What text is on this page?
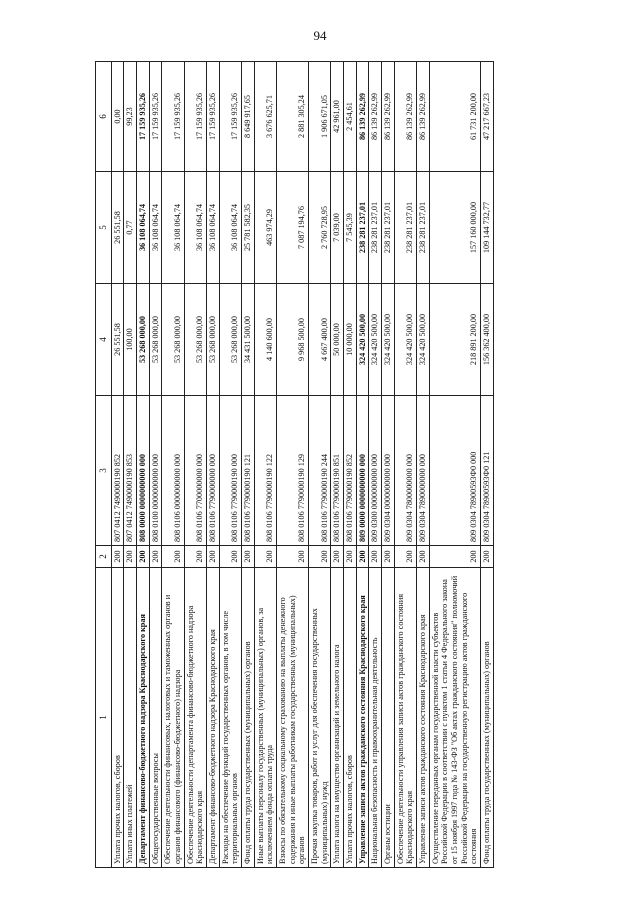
94
1	2	3	4	5	6
Уплата прочих налогов, сборов	200	807 0412 7490000190 852	26 551,58	26 551,58	0,00
Уплата иных платежей	200	807 0412 7490000190 853	100,00	0,77	99,23
Департамент финансово-бюджетного надзора Краснодарского края	200	808 0000 0000000000 000	53 268 000,00	36 108 064,74	17 159 935,26
Общегосударственные вопросы	200	808 0100 0000000000 000	53 268 000,00	36 108 064,74	17 159 935,26
Обеспечение деятельности финансовых, налоговых и таможенных органов и органов финансового (финансово-бюджетного) надзора	200	808 0106 0000000000 000	53 268 000,00	36 108 064,74	17 159 935,26
Обеспечение деятельности департамента финансово-бюджетного надзора Краснодарского края	200	808 0106 7700000000 000	53 268 000,00	36 108 064,74	17 159 935,26
Департамент финансово-бюджетного надзора Краснодарского края	200	808 0106 7790000000 000	53 268 000,00	36 108 064,74	17 159 935,26
Расходы на обеспечение функций государственных органов, в том числе территориальных органов	200	808 0106 7790000190 000	53 268 000,00	36 108 064,74	17 159 935,26
Фонд оплаты труда государственных (муниципальных) органов	200	808 0106 7790000190 121	34 431 500,00	25 781 582,35	8 649 917,65
Иные выплаты персоналу государственных (муниципальных) органов, за исключением фонда оплаты труда	200	808 0106 7790000190 122	4 140 600,00	463 974,29	3 676 625,71
Взносы по обязательному социальному страхованию на выплаты денежного содержания и иные выплаты работникам государственных (муниципальных) органов	200	808 0106 7790000190 129	9 968 500,00	7 087 194,76	2 881 305,24
Прочая закупка товаров, работ и услуг для обеспечения государственных (муниципальных) нужд	200	808 0106 7790000190 244	4 667 400,00	2 760 728,95	1 906 671,05
Уплата налога на имущество организаций и земельного налога	200	808 0106 7790000190 851	50 000,00	7 039,00	42 961,00
Уплата прочих налогов, сборов	200	808 0106 7790000190 852	10 000,00	7 545,39	2 454,61
Управление записи актов гражданского состояния Краснодарского края	200	809 0000 0000000000 000	324 420 500,00	238 281 237,01	86 139 262,99
Национальная безопасность и правоохранительная деятельность	200	809 0300 0000000000 000	324 420 500,00	238 281 237,01	86 139 262,99
Органы юстиции	200	809 0304 0000000000 000	324 420 500,00	238 281 237,01	86 139 262,99
Обеспечение деятельности управления записи актов гражданского состояния Краснодарского края	200	809 0304 7800000000 000	324 420 500,00	238 281 237,01	86 139 262,99
Управление записи актов гражданского состояния Краснодарского края	200	809 0304 7890000000 000	324 420 500,00	238 281 237,01	86 139 262,99
Осуществление переданных органам государственной власти субъектов Российской Федерации в соответствии с пунктом 1 статьи 4 Федерального закона от 15 ноября 1997 года № 143-ФЗ "Об актах гражданского состояния" полномочий Российской Федерации на государственную регистрацию актов гражданского состояния	200	809 0304 78900593Ф0 000	218 891 200,00	157 160 000,00	61 731 200,00
Фонд оплаты труда государственных (муниципальных) органов	200	809 0304 78900593Ф0 121	156 362 400,00	109 144 732,77	47 217 667,23
